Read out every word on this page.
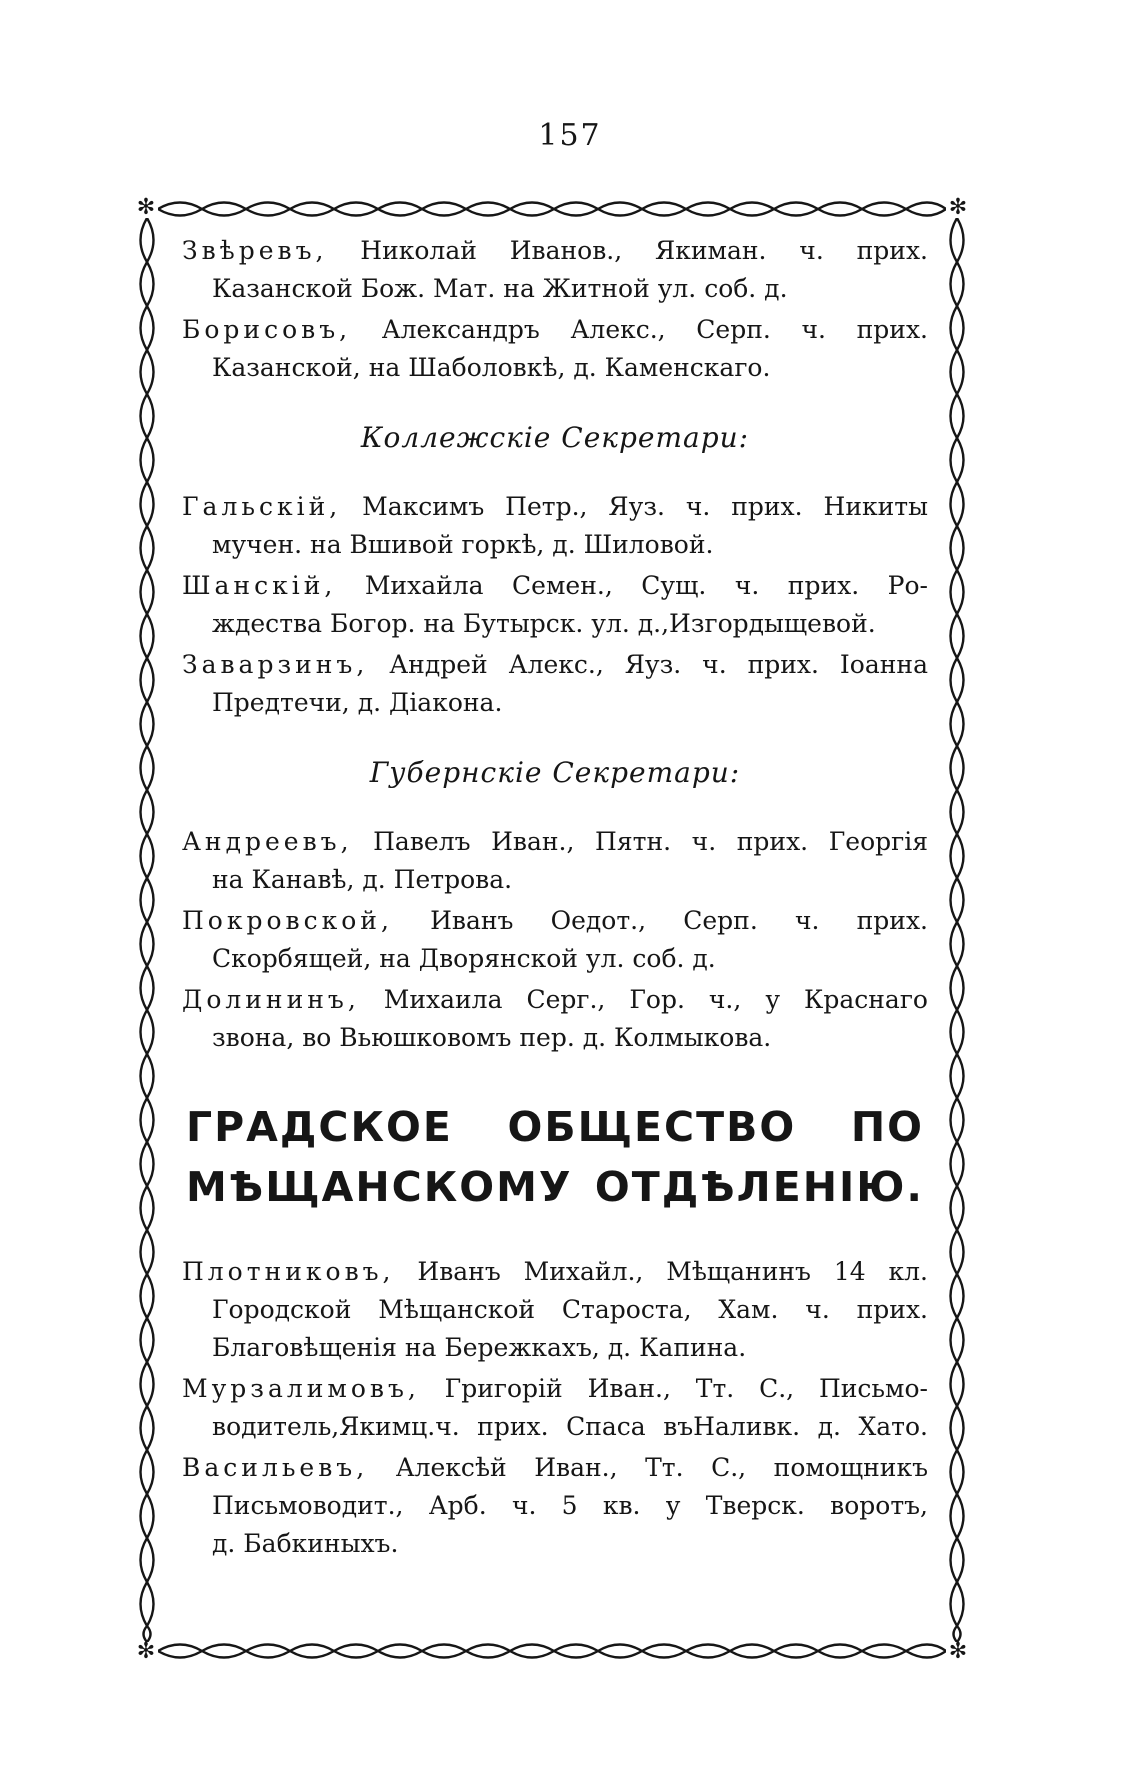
157
✻	✻
✻	✻
Звѣревъ, Николай Иванов., Якиман. ч. прих.
Казанской Бож. Мат. на Житной ул. соб. д.
Борисовъ, Александръ Алекс., Серп. ч. прих.
Казанской, на Шаболовкѣ, д. Каменскаго.
Коллежскiе Секретари:
Гальскiй, Максимъ Петр., Яуз. ч. прих. Никиты
мучен. на Вшивой горкѣ, д. Шиловой.
Шанскiй, Михайла Семен., Сущ. ч. прих. Ро-
ждества Богор. на Бутырск. ул. д.,Изгордыщевой.
Заварзинъ, Андрей Алекс., Яуз. ч. прих. Iоанна
Предтечи, д. Дiакона.
Губернскiе Секретари:
Андреевъ, Павелъ Иван., Пятн. ч. прих. Георгiя
на Канавѣ, д. Петрова.
Покровской, Иванъ Оедот., Серп. ч. прих.
Скорбящей, на Дворянской ул. соб. д.
Долининъ, Михаила Серг., Гор. ч., у Краснаго
звона, во Вьюшковомъ пер. д. Колмыкова.
ГРАДСКОЕ ОБЩЕСТВО ПО
МѢЩАНСКОМУ ОТДѢЛЕНIЮ.
Плотниковъ, Иванъ Михайл., Мѣщанинъ 14 кл.
Городской Мѣщанской Староста, Хам. ч. прих.
Благовѣщенiя на Бережкахъ, д. Капина.
Мурзалимовъ, Григорiй Иван., Тт. С., Письмо-
водитель,Якимц.ч. прих. Спаса въНаливк. д. Хато.
Васильевъ, Алексѣй Иван., Тт. С., помощникъ
Письмоводит., Арб. ч. 5 кв. у Тверск. воротъ,
д. Бабкиныхъ.
